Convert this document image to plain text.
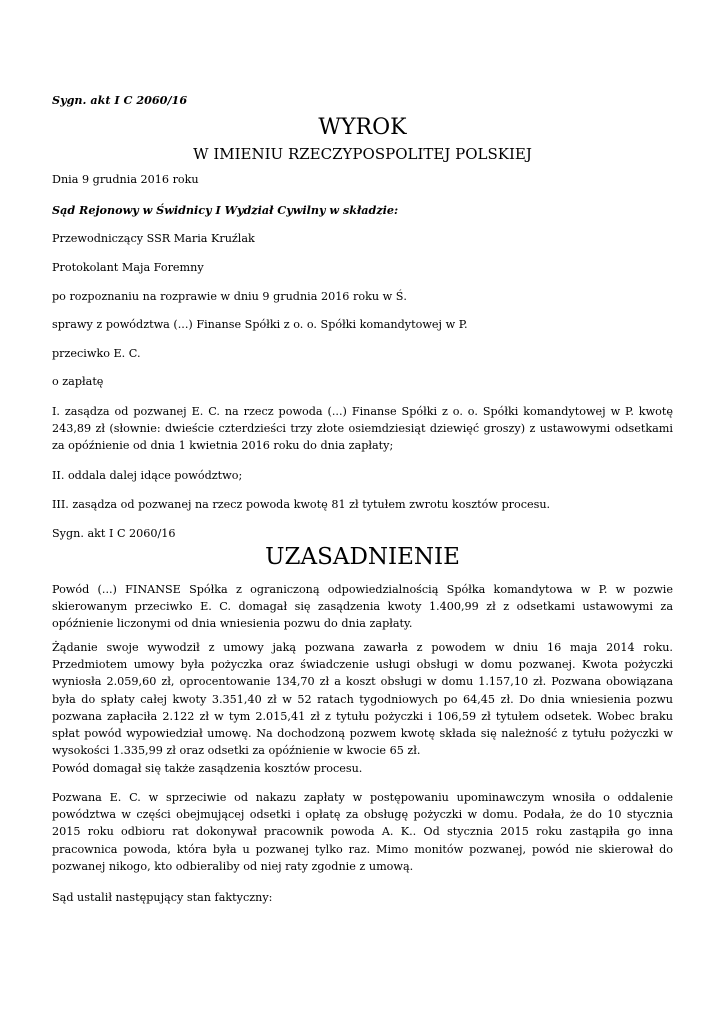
Sygn. akt I C 2060/16
WYROK
W IMIENIU RZECZYPOSPOLITEJ POLSKIEJ
Dnia 9 grudnia 2016 roku
Sąd Rejonowy w Świdnicy I Wydział Cywilny w składzie:
Przewodniczący SSR Maria Kruźlak
Protokolant Maja Foremny
po rozpoznaniu na rozprawie w dniu 9 grudnia 2016 roku w Ś.
sprawy z powództwa (...) Finanse Spółki z o. o. Spółki komandytowej w P.
przeciwko E. C.
o zapłatę
I. zasądza od pozwanej E. C. na rzecz powoda (...) Finanse Spółki z o. o. Spółki komandytowej w P. kwotę 243,89 zł (słownie: dwieście czterdzieści trzy złote osiemdziesiąt dziewięć groszy) z ustawowymi odsetkami za opóźnienie od dnia 1 kwietnia 2016 roku do dnia zapłaty;
II. oddala dalej idące powództwo;
III. zasądza od pozwanej na rzecz powoda kwotę 81 zł tytułem zwrotu kosztów procesu.
Sygn. akt I C 2060/16
UZASADNIENIE
Powód (...) FINANSE Spółka z ograniczoną odpowiedzialnością Spółka komandytowa w P. w pozwie skierowanym przeciwko E. C. domagał się zasądzenia kwoty 1.400,99 zł z odsetkami ustawowymi za opóźnienie liczonymi od dnia wniesienia pozwu do dnia zapłaty.
Żądanie swoje wywodził z umowy jaką pozwana zawarła z powodem w dniu 16 maja 2014 roku. Przedmiotem umowy była pożyczka oraz świadczenie usługi obsługi w domu pozwanej. Kwota pożyczki wyniosła 2.059,60 zł, oprocentowanie 134,70 zł a koszt obsługi w domu 1.157,10 zł. Pozwana obowiązana była do spłaty całej kwoty 3.351,40 zł w 52 ratach tygodniowych po 64,45 zł. Do dnia wniesienia pozwu pozwana zapłaciła 2.122 zł w tym 2.015,41 zł z tytułu pożyczki i 106,59 zł tytułem odsetek. Wobec braku spłat powód wypowiedział umowę. Na dochodzoną pozwem kwotę składa się należność z tytułu pożyczki w wysokości 1.335,99 zł oraz odsetki za opóźnienie w kwocie 65 zł.
Powód domagał się także zasądzenia kosztów procesu.
Pozwana E. C. w sprzeciwie od nakazu zapłaty w postępowaniu upominawczym wnosiła o oddalenie powództwa w części obejmującej odsetki i opłatę za obsługę pożyczki w domu. Podała, że do 10 stycznia 2015 roku odbioru rat dokonywał pracownik powoda A. K.. Od stycznia 2015 roku zastąpiła go inna pracownica powoda, która była u pozwanej tylko raz. Mimo monitów pozwanej, powód nie skierował do pozwanej nikogo, kto odbieraliby od niej raty zgodnie z umową.
Sąd ustalił następujący stan faktyczny:
